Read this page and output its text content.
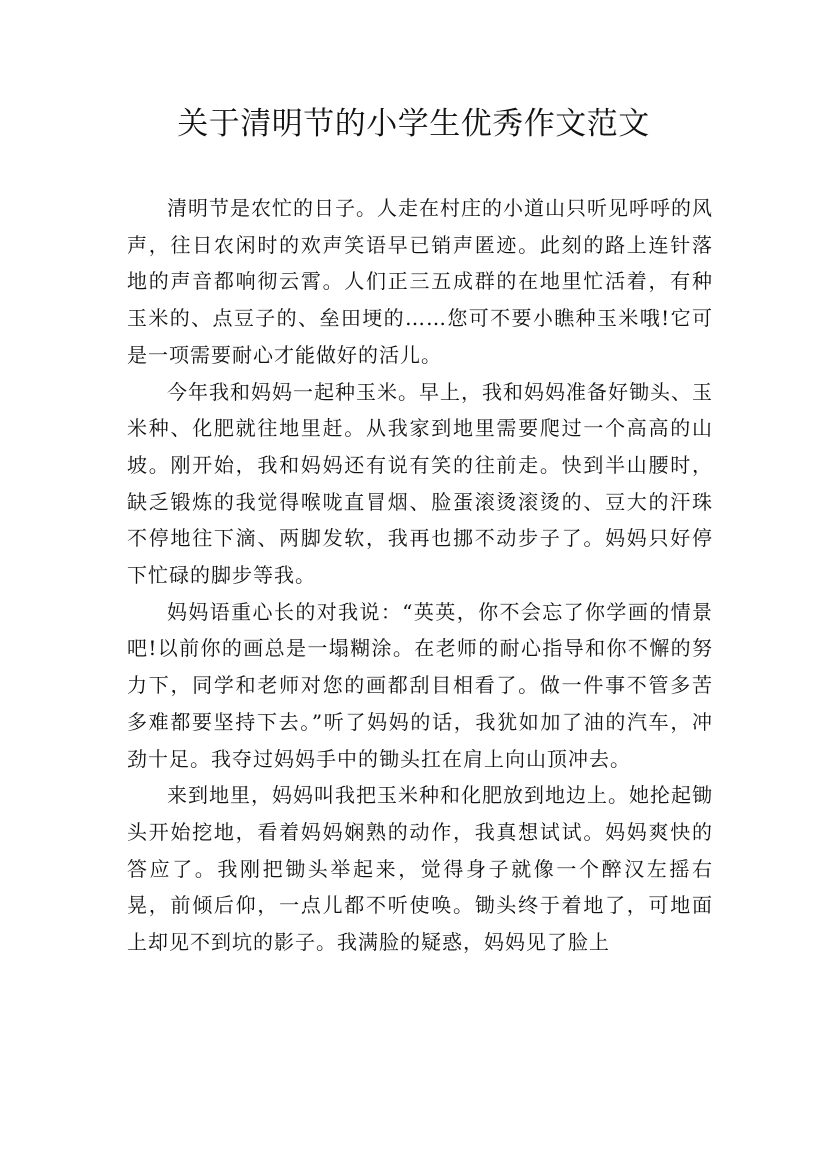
关于清明节的小学生优秀作文范文

清明节是农忙的日子。人走在村庄的小道山只听见呼呼的风声，往日农闲时的欢声笑语早已销声匿迹。此刻的路上连针落地的声音都响彻云霄。人们正三五成群的在地里忙活着，有种玉米的、点豆子的、垒田埂的……您可不要小瞧种玉米哦!它可是一项需要耐心才能做好的活儿。

今年我和妈妈一起种玉米。早上，我和妈妈准备好锄头、玉米种、化肥就往地里赶。从我家到地里需要爬过一个高高的山坡。刚开始，我和妈妈还有说有笑的往前走。快到半山腰时，缺乏锻炼的我觉得喉咙直冒烟、脸蛋滚烫滚烫的、豆大的汗珠不停地往下滴、两脚发软，我再也挪不动步子了。妈妈只好停下忙碌的脚步等我。

妈妈语重心长的对我说：“英英，你不会忘了你学画的情景吧!以前你的画总是一塌糊涂。在老师的耐心指导和你不懈的努力下，同学和老师对您的画都刮目相看了。做一件事不管多苦多难都要坚持下去。”听了妈妈的话，我犹如加了油的汽车，冲劲十足。我夺过妈妈手中的锄头扛在肩上向山顶冲去。

来到地里，妈妈叫我把玉米种和化肥放到地边上。她抡起锄头开始挖地，看着妈妈娴熟的动作，我真想试试。妈妈爽快的答应了。我刚把锄头举起来，觉得身子就像一个醉汉左摇右晃，前倾后仰，一点儿都不听使唤。锄头终于着地了，可地面上却见不到坑的影子。我满脸的疑惑，妈妈见了脸上
